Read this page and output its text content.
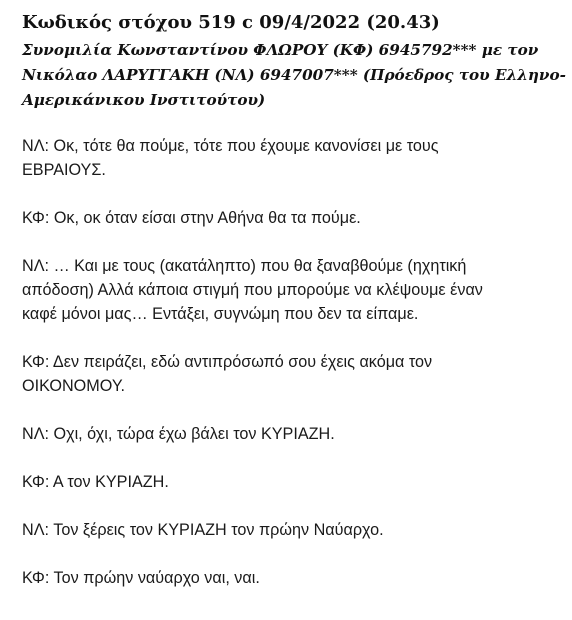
Κωδικός στόχου 519 c 09/4/2022 (20.43)

Συνομιλία Κωνσταντίνου ΦΛΩΡΟΥ (ΚΦ) 6945792*** με τον
Νικόλαο ΛΑΡΥΓΓΑΚΗ (ΝΛ) 6947007*** (Πρόεδρος του Ελληνο-
Αμερικάνικου Ινστιτούτου)

ΝΛ: Οκ, τότε θα πούμε, τότε που έχουμε κανονίσει με τους
ΕΒΡΑΙΟΥΣ.

ΚΦ: Οκ, οκ όταν είσαι στην Αθήνα θα τα πούμε.

ΝΛ: … Και με τους (ακατάληπτο) που θα ξαναβθούμε (ηχητική
απόδοση) Αλλά κάποια στιγμή που μπορούμε να κλέψουμε έναν
καφέ μόνοι μας… Εντάξει, συγνώμη που δεν τα είπαμε.

ΚΦ: Δεν πειράζει, εδώ αντιπρόσωπό σου έχεις ακόμα τον
ΟΙΚΟΝΟΜΟΥ.

ΝΛ: Οχι, όχι, τώρα έχω βάλει τον ΚΥΡΙΑΖΗ.

ΚΦ: Α τον ΚΥΡΙΑΖΗ.

ΝΛ: Τον ξέρεις τον ΚΥΡΙΑΖΗ τον πρώην Ναύαρχο.

ΚΦ: Τον πρώην ναύαρχο ναι, ναι.
